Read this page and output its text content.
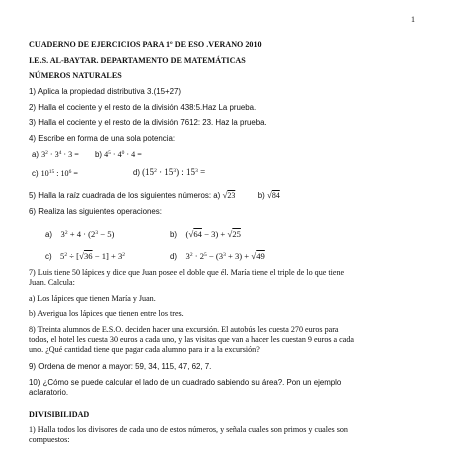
1
CUADERNO DE EJERCICIOS PARA 1º DE ESO .VERANO 2010
I.E.S. AL-BAYTAR. DEPARTAMENTO DE MATEMÁTICAS
NÚMEROS NATURALES
1) Aplica la propiedad distributiva 3.(15+27)
2) Halla el cociente y el resto de la división 438:5.Haz La prueba.
3) Halla el cociente y el resto de la división 7612: 23. Haz la prueba.
4) Escribe en forma de una sola potencia:
a) $3^2 \cdot 3^4 \cdot 3 = b$) $4^5 \cdot 4^0 \cdot 4$ =
c) $10^{15}$ : $10^6$ =	d) $(15^2 \cdot 15^3)$ : $15^3$ =
5) Halla la raíz cuadrada de los siguientes números: a) √23	b) √84
6) Realiza las siguientes operaciones:
a)    $3^2 + 4 \cdot (2^3 - 5)$	b)    (√64 − 3) + √25
c)    $5^2 \div [√36 - 1] + 3^2$	d)    $3^2 \cdot 2^5 - (3^3 + 3) + √49$
7) Luis tiene 50 lápices y dice que Juan posee el doble que él. María tiene el triple de lo que tiene
Juan. Calcula:
a) Los lápices que tienen María y Juan.
b) Averigua los lápices que tienen entre los tres.
8) Treinta alumnos de E.S.O. deciden hacer una excursión. El autobús les cuesta 270 euros para
todos, el hotel les cuesta 30 euros a cada uno, y las visitas que van a hacer les cuestan 9 euros a cada
uno. ¿Qué cantidad tiene que pagar cada alumno para ir a la excursión?
9) Ordena de menor a mayor: 59, 34, 115, 47, 62, 7.
10) ¿Cómo se puede calcular el lado de un cuadrado sabiendo su área?. Pon un ejemplo
aclaratorio.
DIVISIBILIDAD
1) Halla todos los divisores de cada uno de estos números, y señala cuales son primos y cuales son
compuestos:
